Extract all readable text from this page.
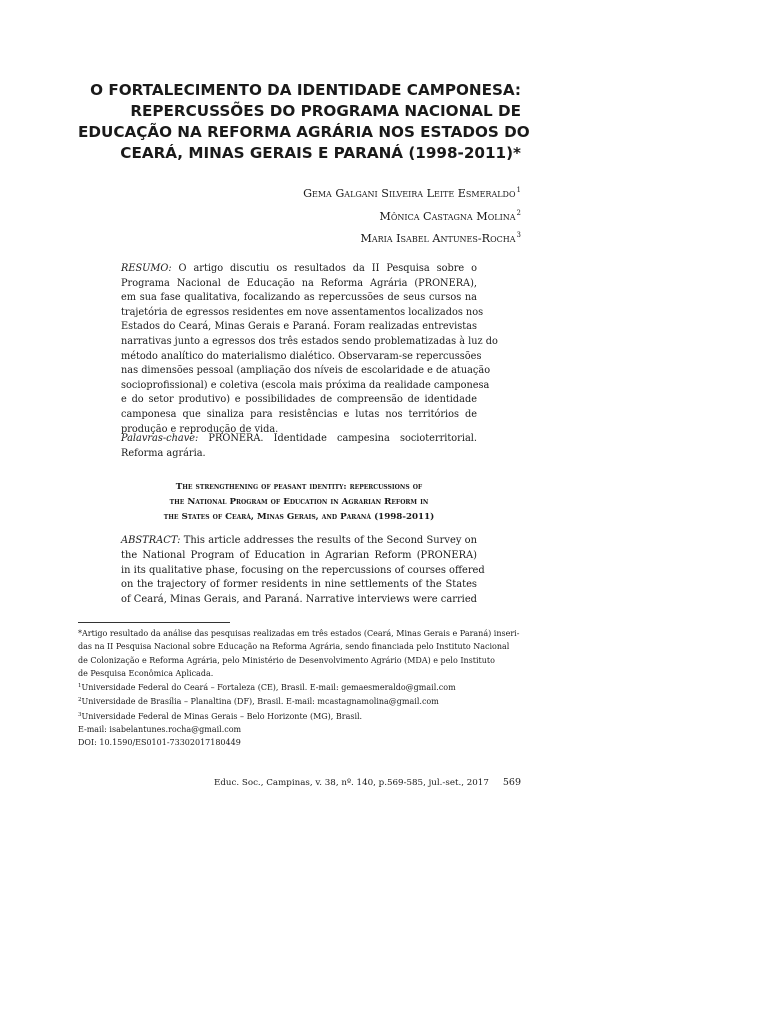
O FORTALECIMENTO DA IDENTIDADE CAMPONESA:
REPERCUSSÕES DO PROGRAMA NACIONAL DE
EDUCAÇÃO NA REFORMA AGRÁRIA NOS ESTADOS DO
CEARÁ, MINAS GERAIS E PARANÁ (1998-2011)*
Gema Galgani Silveira Leite Esmeraldo$^1$
Mônica Castagna Molina$^2$
Maria Isabel Antunes-Rocha$^3$
RESUMO: O artigo discutiu os resultados da II Pesquisa sobre o
Programa Nacional de Educação na Reforma Agrária (PRONERA),
em sua fase qualitativa, focalizando as repercussões de seus cursos na
trajetória de egressos residentes em nove assentamentos localizados nos
Estados do Ceará, Minas Gerais e Paraná. Foram realizadas entrevistas
narrativas junto a egressos dos três estados sendo problematizadas à luz do
método analítico do materialismo dialético. Observaram-se repercussões
nas dimensões pessoal (ampliação dos níveis de escolaridade e de atuação
socioprofissional) e coletiva (escola mais próxima da realidade camponesa
e do setor produtivo) e possibilidades de compreensão de identidade
camponesa que sinaliza para resistências e lutas nos territórios de
produção e reprodução de vida.
Palavras-chave: PRONERA. Identidade campesina socioterritorial.
Reforma agrária.
The strengthening of peasant identity: repercussions of
the National Program of Education in Agrarian Reform in
the States of Ceará, Minas Gerais, and Paraná (1998-2011)
ABSTRACT: This article addresses the results of the Second Survey on
the National Program of Education in Agrarian Reform (PRONERA)
in its qualitative phase, focusing on the repercussions of courses offered
on the trajectory of former residents in nine settlements of the States
of Ceará, Minas Gerais, and Paraná. Narrative interviews were carried
*Artigo resultado da análise das pesquisas realizadas em três estados (Ceará, Minas Gerais e Paraná) inseri-
das na II Pesquisa Nacional sobre Educação na Reforma Agrária, sendo financiada pelo Instituto Nacional
de Colonização e Reforma Agrária, pelo Ministério de Desenvolvimento Agrário (MDA) e pelo Instituto
de Pesquisa Econômica Aplicada.
$^1$Universidade Federal do Ceará – Fortaleza (CE), Brasil. E-mail: gemaesmeraldo@gmail.com
$^2$Universidade de Brasília – Planaltina (DF), Brasil. E-mail: mcastagnamolina@gmail.com
$^3$Universidade Federal de Minas Gerais – Belo Horizonte (MG), Brasil.
E-mail: isabelantunes.rocha@gmail.com
DOI: 10.1590/ES0101-73302017180449
Educ. Soc., Campinas, v. 38, nº. 140, p.569-585, jul.-set., 2017 569
